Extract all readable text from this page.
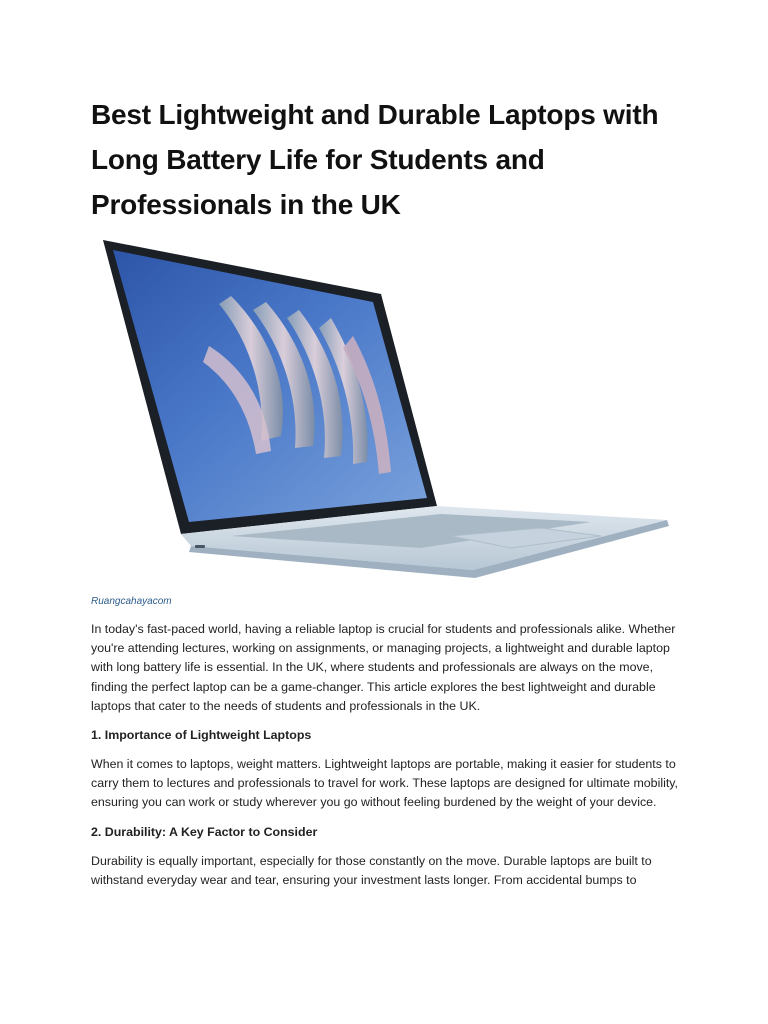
Best Lightweight and Durable Laptops with Long Battery Life for Students and Professionals in the UK
Ruangcahayacom

In today's fast-paced world, having a reliable laptop is crucial for students and professionals alike. Whether you're attending lectures, working on assignments, or managing projects, a lightweight and durable laptop with long battery life is essential. In the UK, where students and professionals are always on the move, finding the perfect laptop can be a game-changer. This article explores the best lightweight and durable laptops that cater to the needs of students and professionals in the UK.

1. Importance of Lightweight Laptops

When it comes to laptops, weight matters. Lightweight laptops are portable, making it easier for students to carry them to lectures and professionals to travel for work. These laptops are designed for ultimate mobility, ensuring you can work or study wherever you go without feeling burdened by the weight of your device.

2. Durability: A Key Factor to Consider

Durability is equally important, especially for those constantly on the move. Durable laptops are built to withstand everyday wear and tear, ensuring your investment lasts longer. From accidental bumps to
